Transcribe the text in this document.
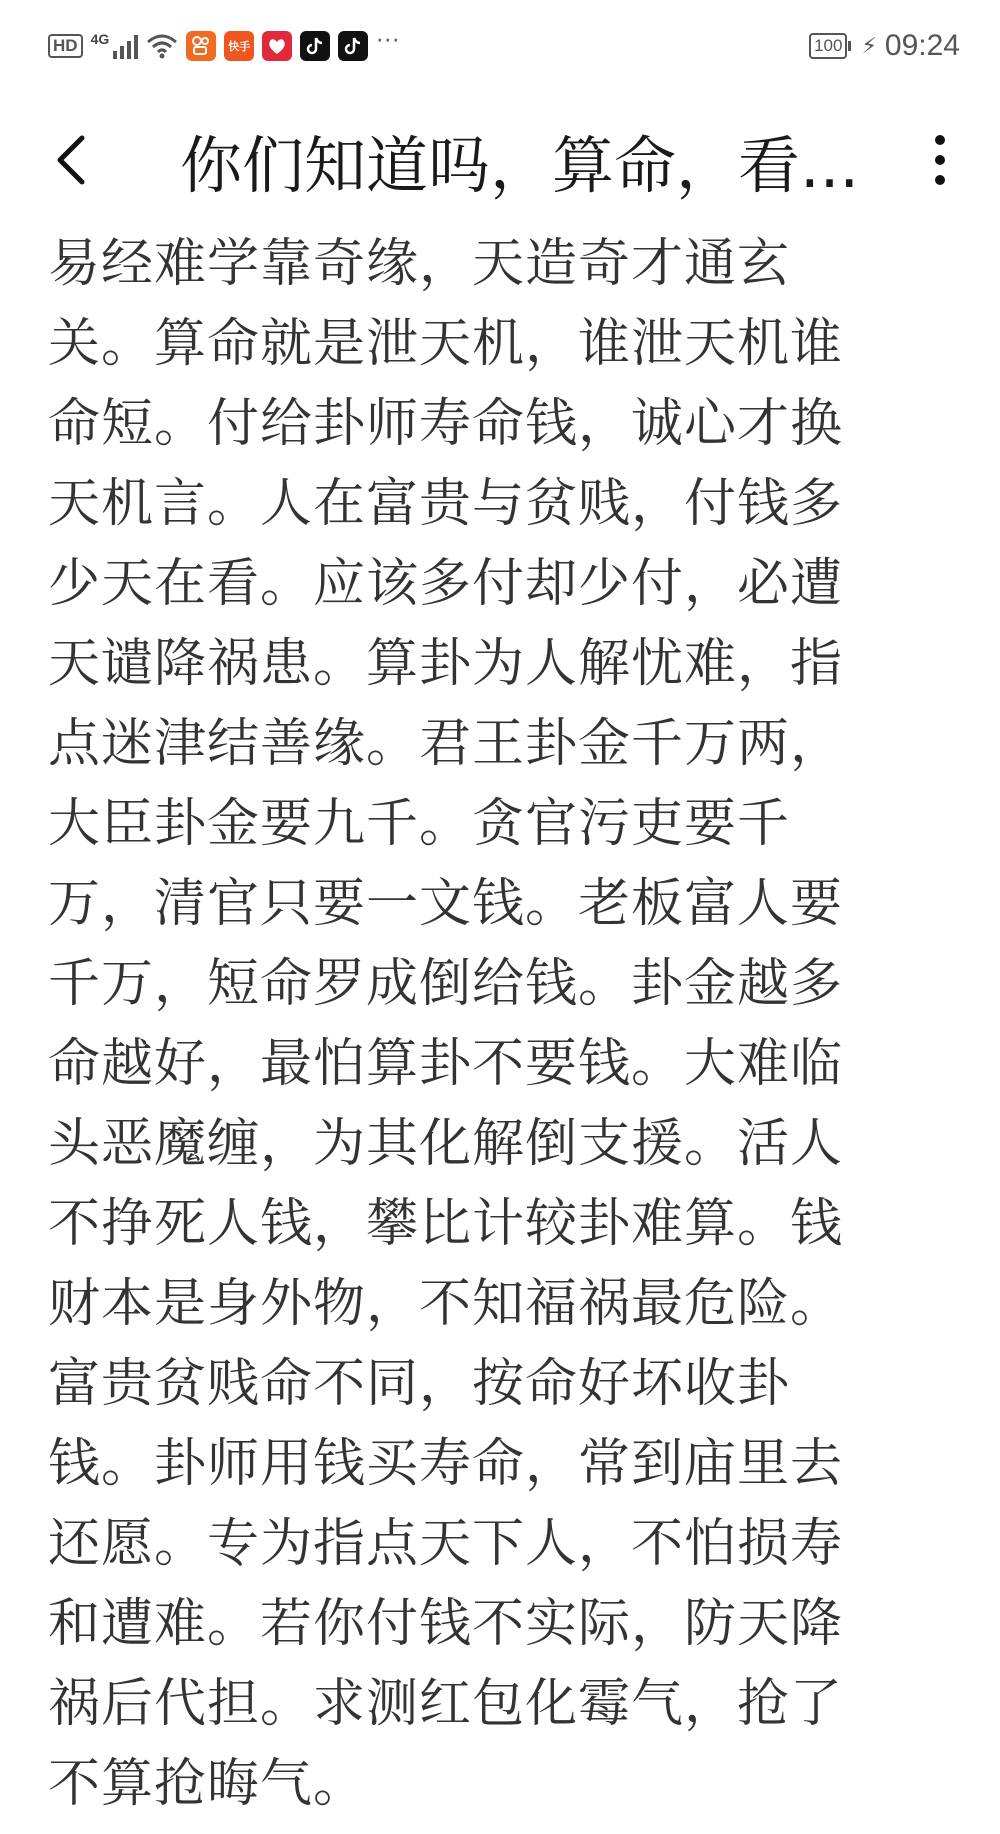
HD 4G	快手	···	100 ⚡ 09:24
你们知道吗，算命，看...
易经难学靠奇缘，天造奇才通玄
关。算命就是泄天机，谁泄天机谁
命短。付给卦师寿命钱，诚心才换
天机言。人在富贵与贫贱，付钱多
少天在看。应该多付却少付，必遭
天谴降祸患。算卦为人解忧难，指
点迷津结善缘。君王卦金千万两，
大臣卦金要九千。贪官污吏要千
万，清官只要一文钱。老板富人要
千万，短命罗成倒给钱。卦金越多
命越好，最怕算卦不要钱。大难临
头恶魔缠，为其化解倒支援。活人
不挣死人钱，攀比计较卦难算。钱
财本是身外物，不知福祸最危险。
富贵贫贱命不同，按命好坏收卦
钱。卦师用钱买寿命，常到庙里去
还愿。专为指点天下人，不怕损寿
和遭难。若你付钱不实际，防天降
祸后代担。求测红包化霉气，抢了
不算抢晦气。
